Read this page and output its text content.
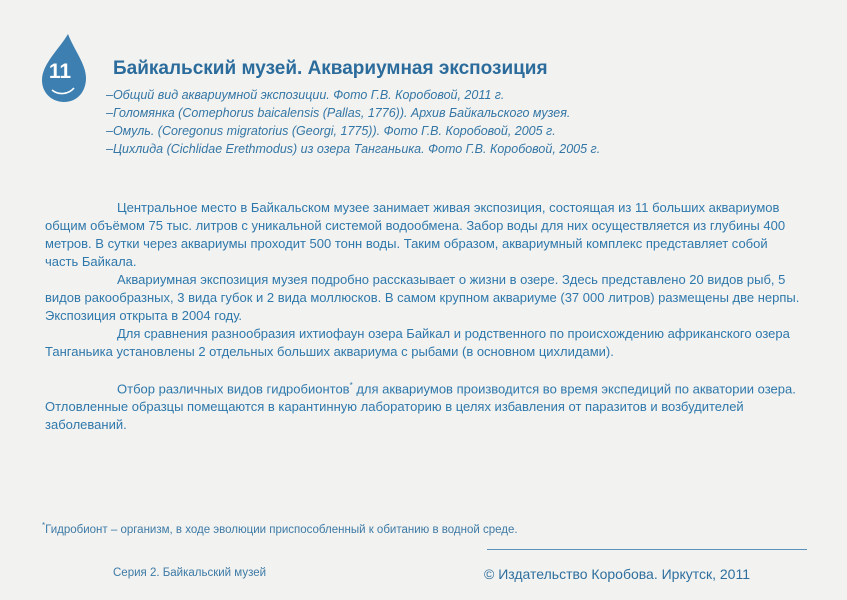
11	Байкальский музей. Аквариумная экспозиция
–Общий вид аквариумной экспозиции. Фото Г.В. Коробовой, 2011 г.
–Голомянка (Comephorus baicalensis (Pallas, 1776)). Архив Байкальского музея.
–Омуль. (Coregonus migratorius (Georgi, 1775)). Фото Г.В. Коробовой, 2005 г.
–Цихлида (Cichlidae Erethmodus) из озера Танганьика. Фото Г.В. Коробовой, 2005 г.

Центральное место в Байкальском музее занимает живая экспозиция, состоящая из 11 больших аквариумов общим объёмом 75 тыс. литров с уникальной системой водообмена. Забор воды для них осуществляется из глубины 400 метров. В сутки через аквариумы проходит 500 тонн воды. Таким образом, аквариумный комплекс представляет собой часть Байкала.

Аквариумная экспозиция музея подробно рассказывает о жизни в озере. Здесь представлено 20 видов рыб, 5 видов ракообразных, 3 вида губок и 2 вида моллюсков. В самом крупном аквариуме (37 000 литров) размещены две нерпы. Экспозиция открыта в 2004 году.

Для сравнения разнообразия ихтиофаун озера Байкал и родственного по происхождению африканского озера Танганьика установлены 2 отдельных больших аквариума с рыбами (в основном цихлидами).

Отбор различных видов гидробионтов* для аквариумов производится во время экспедиций по акватории озера. Отловленные образцы помещаются в карантинную лабораторию в целях избавления от паразитов и возбудителей заболеваний.

*Гидробионт – организм, в ходе эволюции приспособленный к обитанию в водной среде.
Серия 2. Байкальский музей	© Издательство Коробова. Иркутск, 2011
